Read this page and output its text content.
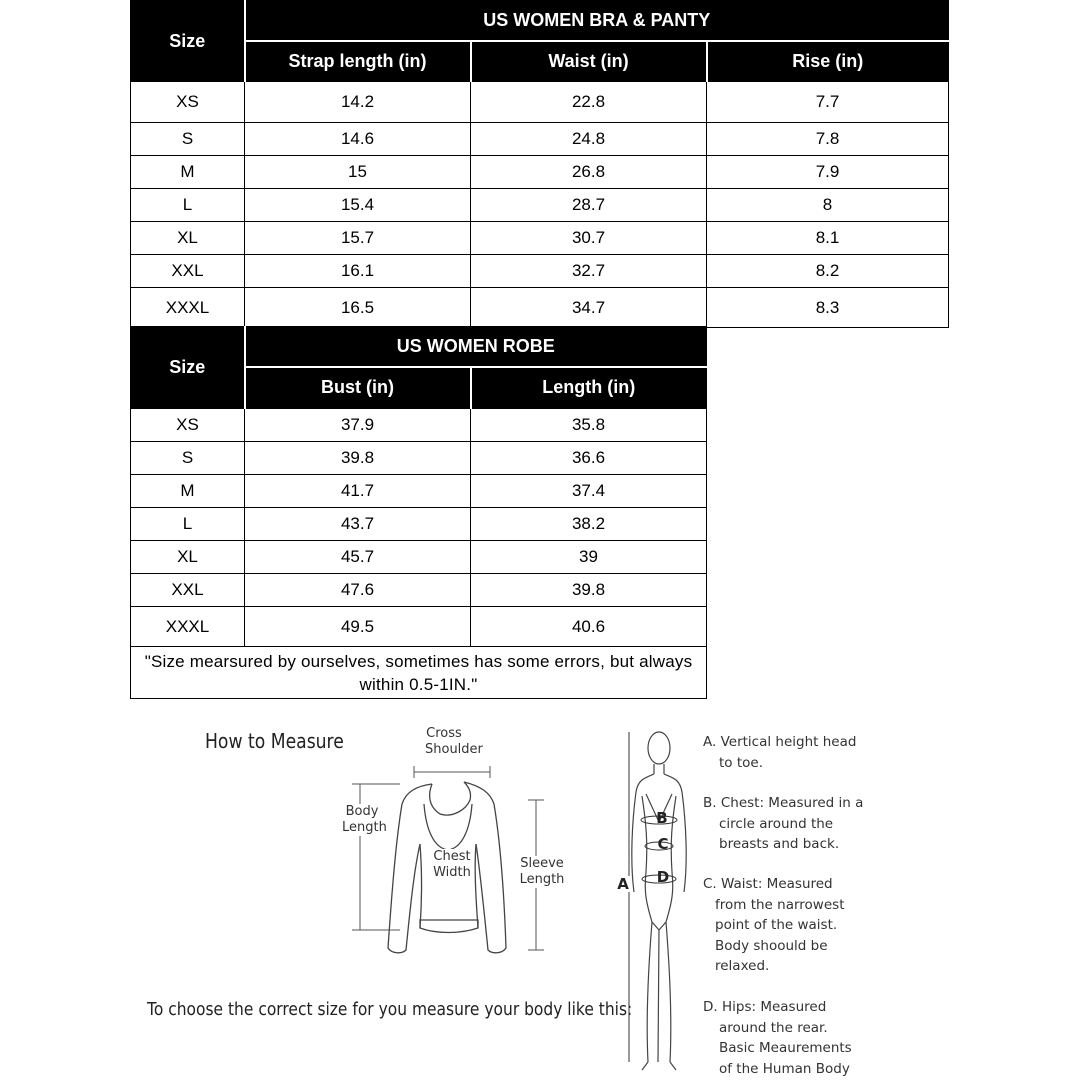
Size	US WOMEN BRA & PANTY		
	Strap length (in)	Waist (in)	Rise (in)
XS	14.2	22.8	7.7
S	14.6	24.8	7.8
M	15	26.8	7.9
L	15.4	28.7	8
XL	15.7	30.7	8.1
XXL	16.1	32.7	8.2
XXXL	16.5	34.7	8.3
Size	US WOMEN ROBE	
	Bust (in)	Length (in)
XS	37.9	35.8
S	39.8	36.6
M	41.7	37.4
L	43.7	38.2
XL	45.7	39
XXL	47.6	39.8
XXXL	49.5	40.6
"Size mearsured by ourselves, sometimes has some errors, but always
within 0.5-1IN."		
How to Measure	Cross
Shoulder
Body
Length
Chest
Width
Sleeve
Length
To choose the correct size for you measure your body like this:
B
C
D
A

A. Vertical height head

to toe.

B. Chest: Measured in a

circle around the

breasts and back.

C. Waist: Measured

from the narrowest

point of the waist.

Body shoould be

relaxed.

D. Hips: Measured

around the rear.

Basic Meaurements

of the Human Body
